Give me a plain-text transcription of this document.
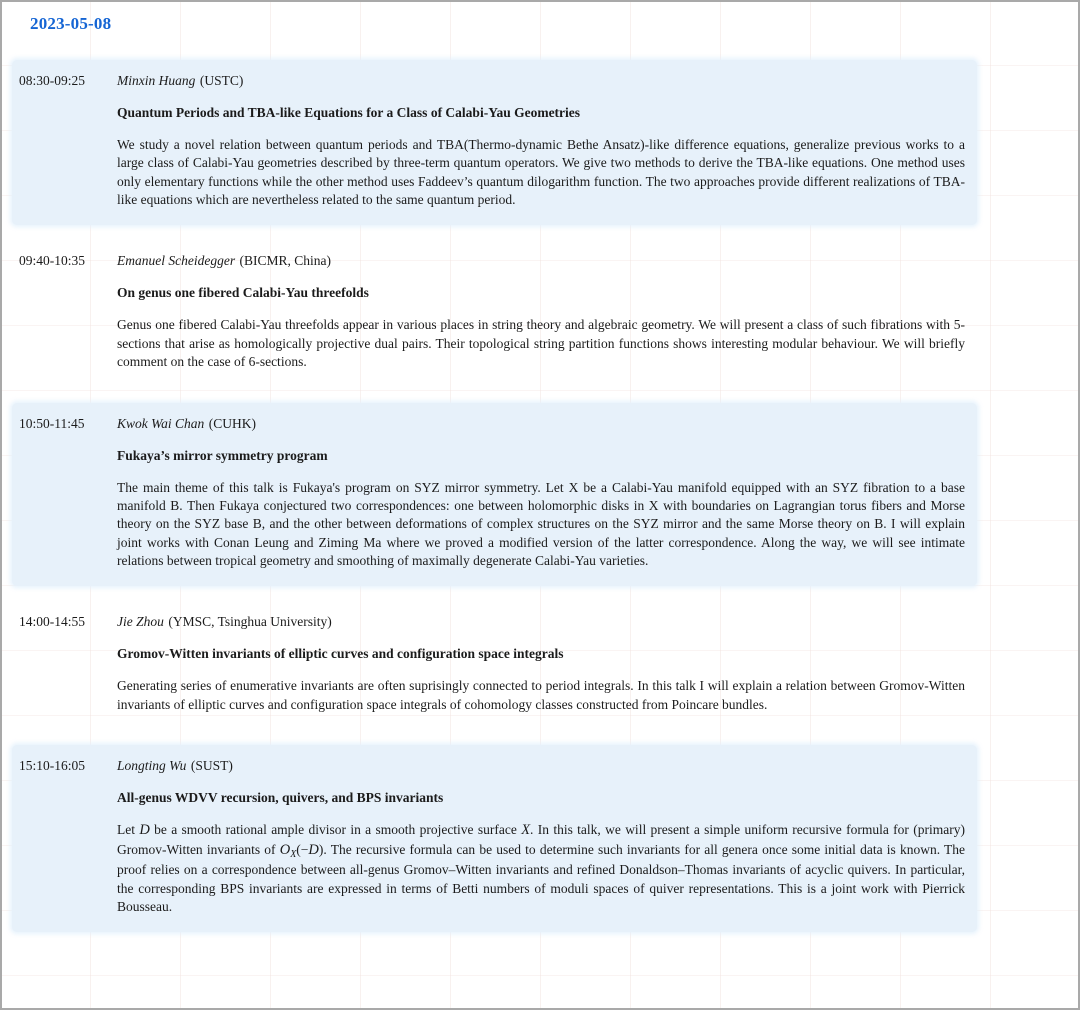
2023-05-08
08:30-09:25	Minxin Huang (USTC)
Quantum Periods and TBA-like Equations for a Class of Calabi-Yau Geometries

We study a novel relation between quantum periods and TBA(Thermo-dynamic Bethe Ansatz)-like difference equations, generalize previous works to a large class of Calabi-Yau geometries described by three-term quantum operators. We give two methods to derive the TBA-like equations. One method uses only elementary functions while the other method uses Faddeev’s quantum dilogarithm function. The two approaches provide different realizations of TBA-like equations which are nevertheless related to the same quantum period.

09:40-10:35	Emanuel Scheidegger (BICMR, China)
On genus one fibered Calabi-Yau threefolds

Genus one fibered Calabi-Yau threefolds appear in various places in string theory and algebraic geometry. We will present a class of such fibrations with 5-sections that arise as homologically projective dual pairs. Their topological string partition functions shows interesting modular behaviour. We will briefly comment on the case of 6-sections.

10:50-11:45	Kwok Wai Chan (CUHK)
Fukaya’s mirror symmetry program

The main theme of this talk is Fukaya's program on SYZ mirror symmetry. Let X be a Calabi-Yau manifold equipped with an SYZ fibration to a base manifold B. Then Fukaya conjectured two correspondences: one between holomorphic disks in X with boundaries on Lagrangian torus fibers and Morse theory on the SYZ base B, and the other between deformations of complex structures on the SYZ mirror and the same Morse theory on B. I will explain joint works with Conan Leung and Ziming Ma where we proved a modified version of the latter correspondence. Along the way, we will see intimate relations between tropical geometry and smoothing of maximally degenerate Calabi-Yau varieties.

14:00-14:55	Jie Zhou (YMSC, Tsinghua University)
Gromov-Witten invariants of elliptic curves and configuration space integrals

Generating series of enumerative invariants are often suprisingly connected to period integrals. In this talk I will explain a relation between Gromov-Witten invariants of elliptic curves and configuration space integrals of cohomology classes constructed from Poincare bundles.

15:10-16:05	Longting Wu (SUST)
All-genus WDVV recursion, quivers, and BPS invariants

Let D be a smooth rational ample divisor in a smooth projective surface X. In this talk, we will present a simple uniform recursive formula for (primary) Gromov-Witten invariants of $O_X(-D)$. The recursive formula can be used to determine such invariants for all genera once some initial data is known. The proof relies on a correspondence between all-genus Gromov–Witten invariants and refined Donaldson–Thomas invariants of acyclic quivers. In particular, the corresponding BPS invariants are expressed in terms of Betti numbers of moduli spaces of quiver representations. This is a joint work with Pierrick Bousseau.
